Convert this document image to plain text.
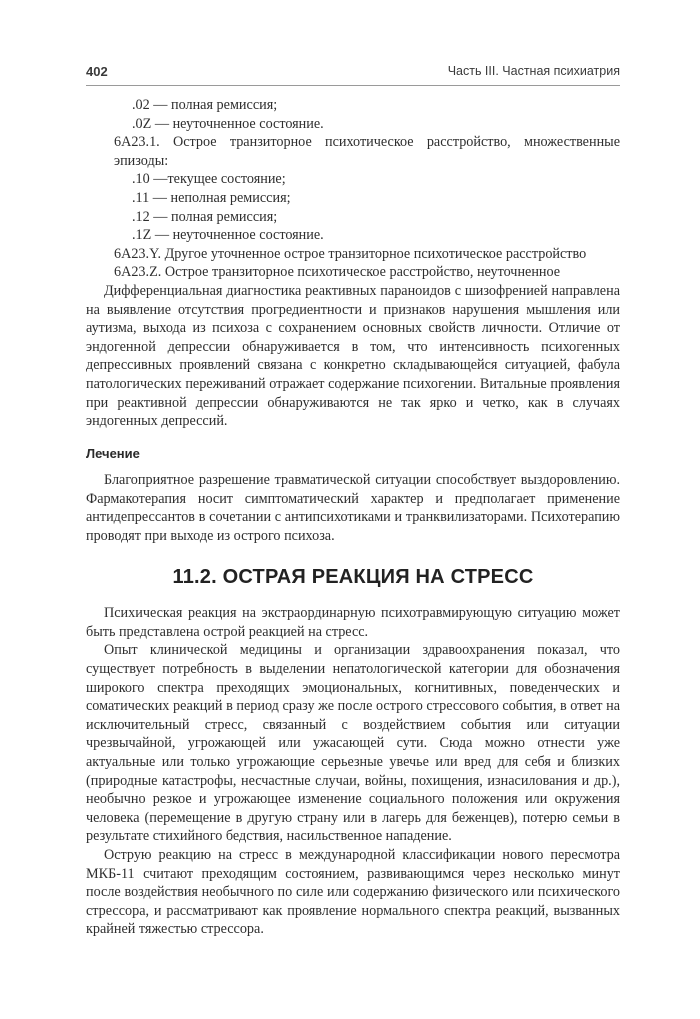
402	Часть III. Частная психиатрия

.02 — полная ремиссия;

.0Z — неуточненное состояние.

6A23.1. Острое транзиторное психотическое расстройство, множественные эпизоды:

.10 —текущее состояние;

.11 — неполная ремиссия;

.12 — полная ремиссия;

.1Z — неуточненное состояние.

6A23.Y. Другое уточненное острое транзиторное психотическое расстройство

6A23.Z. Острое транзиторное психотическое расстройство, неуточненное

Дифференциальная диагностика реактивных параноидов с шизофренией направлена на выявление отсутствия прогредиентности и признаков нарушения мышления или аутизма, выхода из психоза с сохранением основных свойств личности. Отличие от эндогенной депрессии обнаруживается в том, что интенсивность психогенных депрессивных проявлений связана с конкретно складывающейся ситуацией, фабула патологических переживаний отражает содержание психогении. Витальные проявления при реактивной депрессии обнаруживаются не так ярко и четко, как в случаях эндогенных депрессий.

Лечение

Благоприятное разрешение травматической ситуации способствует выздоровлению. Фармакотерапия носит симптоматический характер и предполагает применение антидепрессантов в сочетании с антипсихотиками и транквилизаторами. Психотерапию проводят при выходе из острого психоза.

11.2. ОСТРАЯ РЕАКЦИЯ НА СТРЕСС

Психическая реакция на экстраординарную психотравмирующую ситуацию может быть представлена острой реакцией на стресс.

Опыт клинической медицины и организации здравоохранения показал, что существует потребность в выделении непатологической категории для обозначения широкого спектра преходящих эмоциональных, когнитивных, поведенческих и соматических реакций в период сразу же после острого стрессового события, в ответ на исключительный стресс, связанный с воздействием события или ситуации чрезвычайной, угрожающей или ужасающей сути. Сюда можно отнести уже актуальные или только угрожающие серьезные увечье или вред для себя и близких (природные катастрофы, несчастные случаи, войны, похищения, изнасилования и др.), необычно резкое и угрожающее изменение социального положения или окружения человека (перемещение в другую страну или в лагерь для беженцев), потерю семьи в результате стихийного бедствия, насильственное нападение.

Острую реакцию на стресс в международной классификации нового пересмотра МКБ-11 считают преходящим состоянием, развивающимся через несколько минут после воздействия необычного по силе или содержанию физического или психического стрессора, и рассматривают как проявление нормального спектра реакций, вызванных крайней тяжестью стрессора.
